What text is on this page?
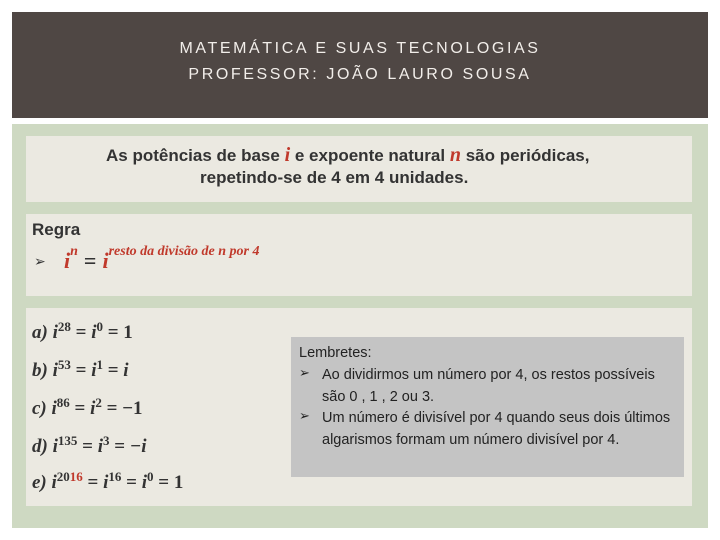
MATEMÁTICA E SUAS TECNOLOGIAS
PROFESSOR: JOÃO LAURO SOUSA
As potências de base i e expoente natural n são periódicas,
repetindo-se de 4 em 4 unidades.
Regra
➢ $i^n = i^{resto da divisão de n por 4}$
a) $i^{28} = i^0 = 1$
b) $i^{53} = i^1 = i$
c) $i^{86} = i^2 = -1$
d) $i^{135} = i^3 = -i$
e) $i^{2016} = i^{16} = i^0 = 1$
Lembretes:
➢ Ao dividirmos um número por 4, os restos possíveis são 0 , 1 , 2 ou 3.
➢ Um número é divisível por 4 quando seus dois últimos algarismos formam um número divisível por 4.
